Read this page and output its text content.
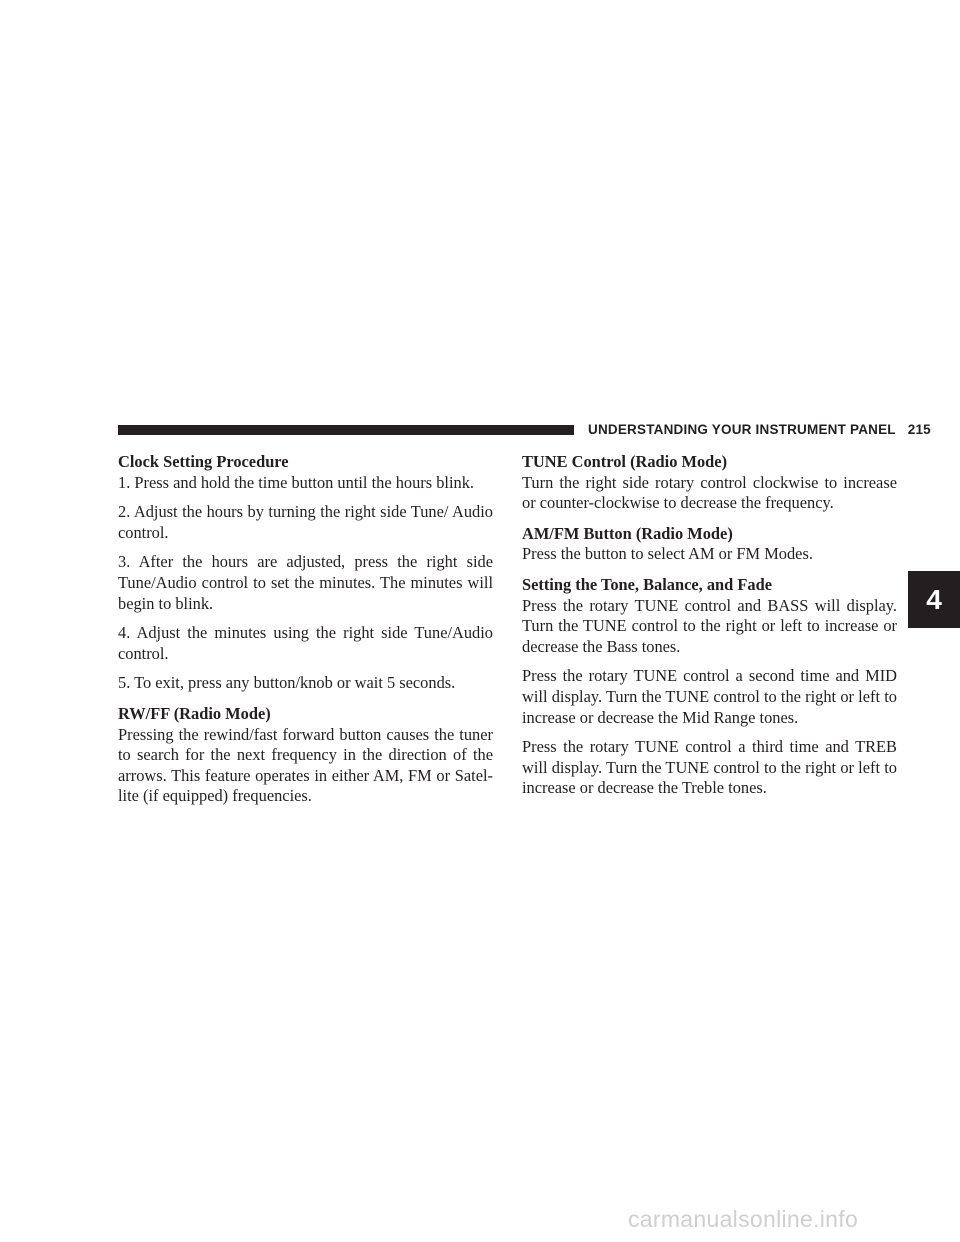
UNDERSTANDING YOUR INSTRUMENT PANEL 215
4
Clock Setting Procedure

1. Press and hold the time button until the hours blink.

2. Adjust the hours by turning the right side Tune/ Audio control.

3. After the hours are adjusted, press the right side Tune/Audio control to set the minutes. The minutes will begin to blink.

4. Adjust the minutes using the right side Tune/Audio control.

5. To exit, press any button/knob or wait 5 seconds.

RW/FF (Radio Mode)

Pressing the rewind/fast forward button causes the tuner to search for the next frequency in the direction of the arrows. This feature operates in either AM, FM or Satel- lite (if equipped) frequencies.

TUNE Control (Radio Mode)

Turn the right side rotary control clockwise to increase or counter-clockwise to decrease the frequency.

AM/FM Button (Radio Mode)

Press the button to select AM or FM Modes.

Setting the Tone, Balance, and Fade

Press the rotary TUNE control and BASS will display. Turn the TUNE control to the right or left to increase or decrease the Bass tones.

Press the rotary TUNE control a second time and MID will display. Turn the TUNE control to the right or left to increase or decrease the Mid Range tones.

Press the rotary TUNE control a third time and TREB will display. Turn the TUNE control to the right or left to increase or decrease the Treble tones.

carmanualsonline.info
